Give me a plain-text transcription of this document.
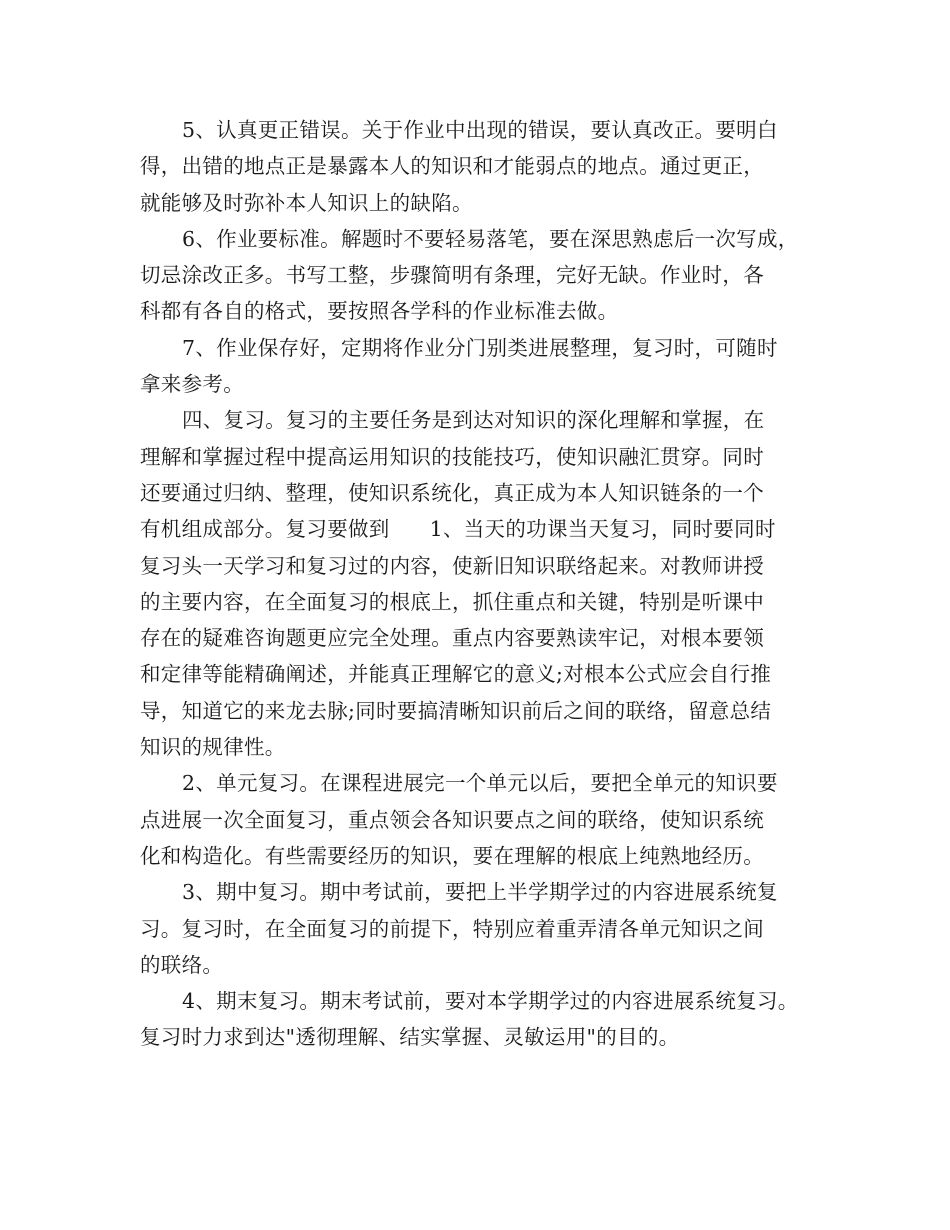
5、认真更正错误。关于作业中出现的错误，要认真改正。要明白
得，出错的地点正是暴露本人的知识和才能弱点的地点。通过更正，
就能够及时弥补本人知识上的缺陷。

6、作业要标准。解题时不要轻易落笔，要在深思熟虑后一次写成，
切忌涂改正多。书写工整，步骤简明有条理，完好无缺。作业时，各
科都有各自的格式，要按照各学科的作业标准去做。

7、作业保存好，定期将作业分门别类进展整理，复习时，可随时
拿来参考。

四、复习。复习的主要任务是到达对知识的深化理解和掌握，在
理解和掌握过程中提高运用知识的技能技巧，使知识融汇贯穿。同时
还要通过归纳、整理，使知识系统化，真正成为本人知识链条的一个
有机组成部分。复习要做到 1、当天的功课当天复习，同时要同时
复习头一天学习和复习过的内容，使新旧知识联络起来。对教师讲授
的主要内容，在全面复习的根底上，抓住重点和关键，特别是听课中
存在的疑难咨询题更应完全处理。重点内容要熟读牢记，对根本要领
和定律等能精确阐述，并能真正理解它的意义;对根本公式应会自行推
导，知道它的来龙去脉;同时要搞清晰知识前后之间的联络，留意总结
知识的规律性。

2、单元复习。在课程进展完一个单元以后，要把全单元的知识要
点进展一次全面复习，重点领会各知识要点之间的联络，使知识系统
化和构造化。有些需要经历的知识，要在理解的根底上纯熟地经历。

3、期中复习。期中考试前，要把上半学期学过的内容进展系统复
习。复习时，在全面复习的前提下，特别应着重弄清各单元知识之间
的联络。

4、期末复习。期末考试前，要对本学期学过的内容进展系统复习。
复习时力求到达"透彻理解、结实掌握、灵敏运用"的目的。
